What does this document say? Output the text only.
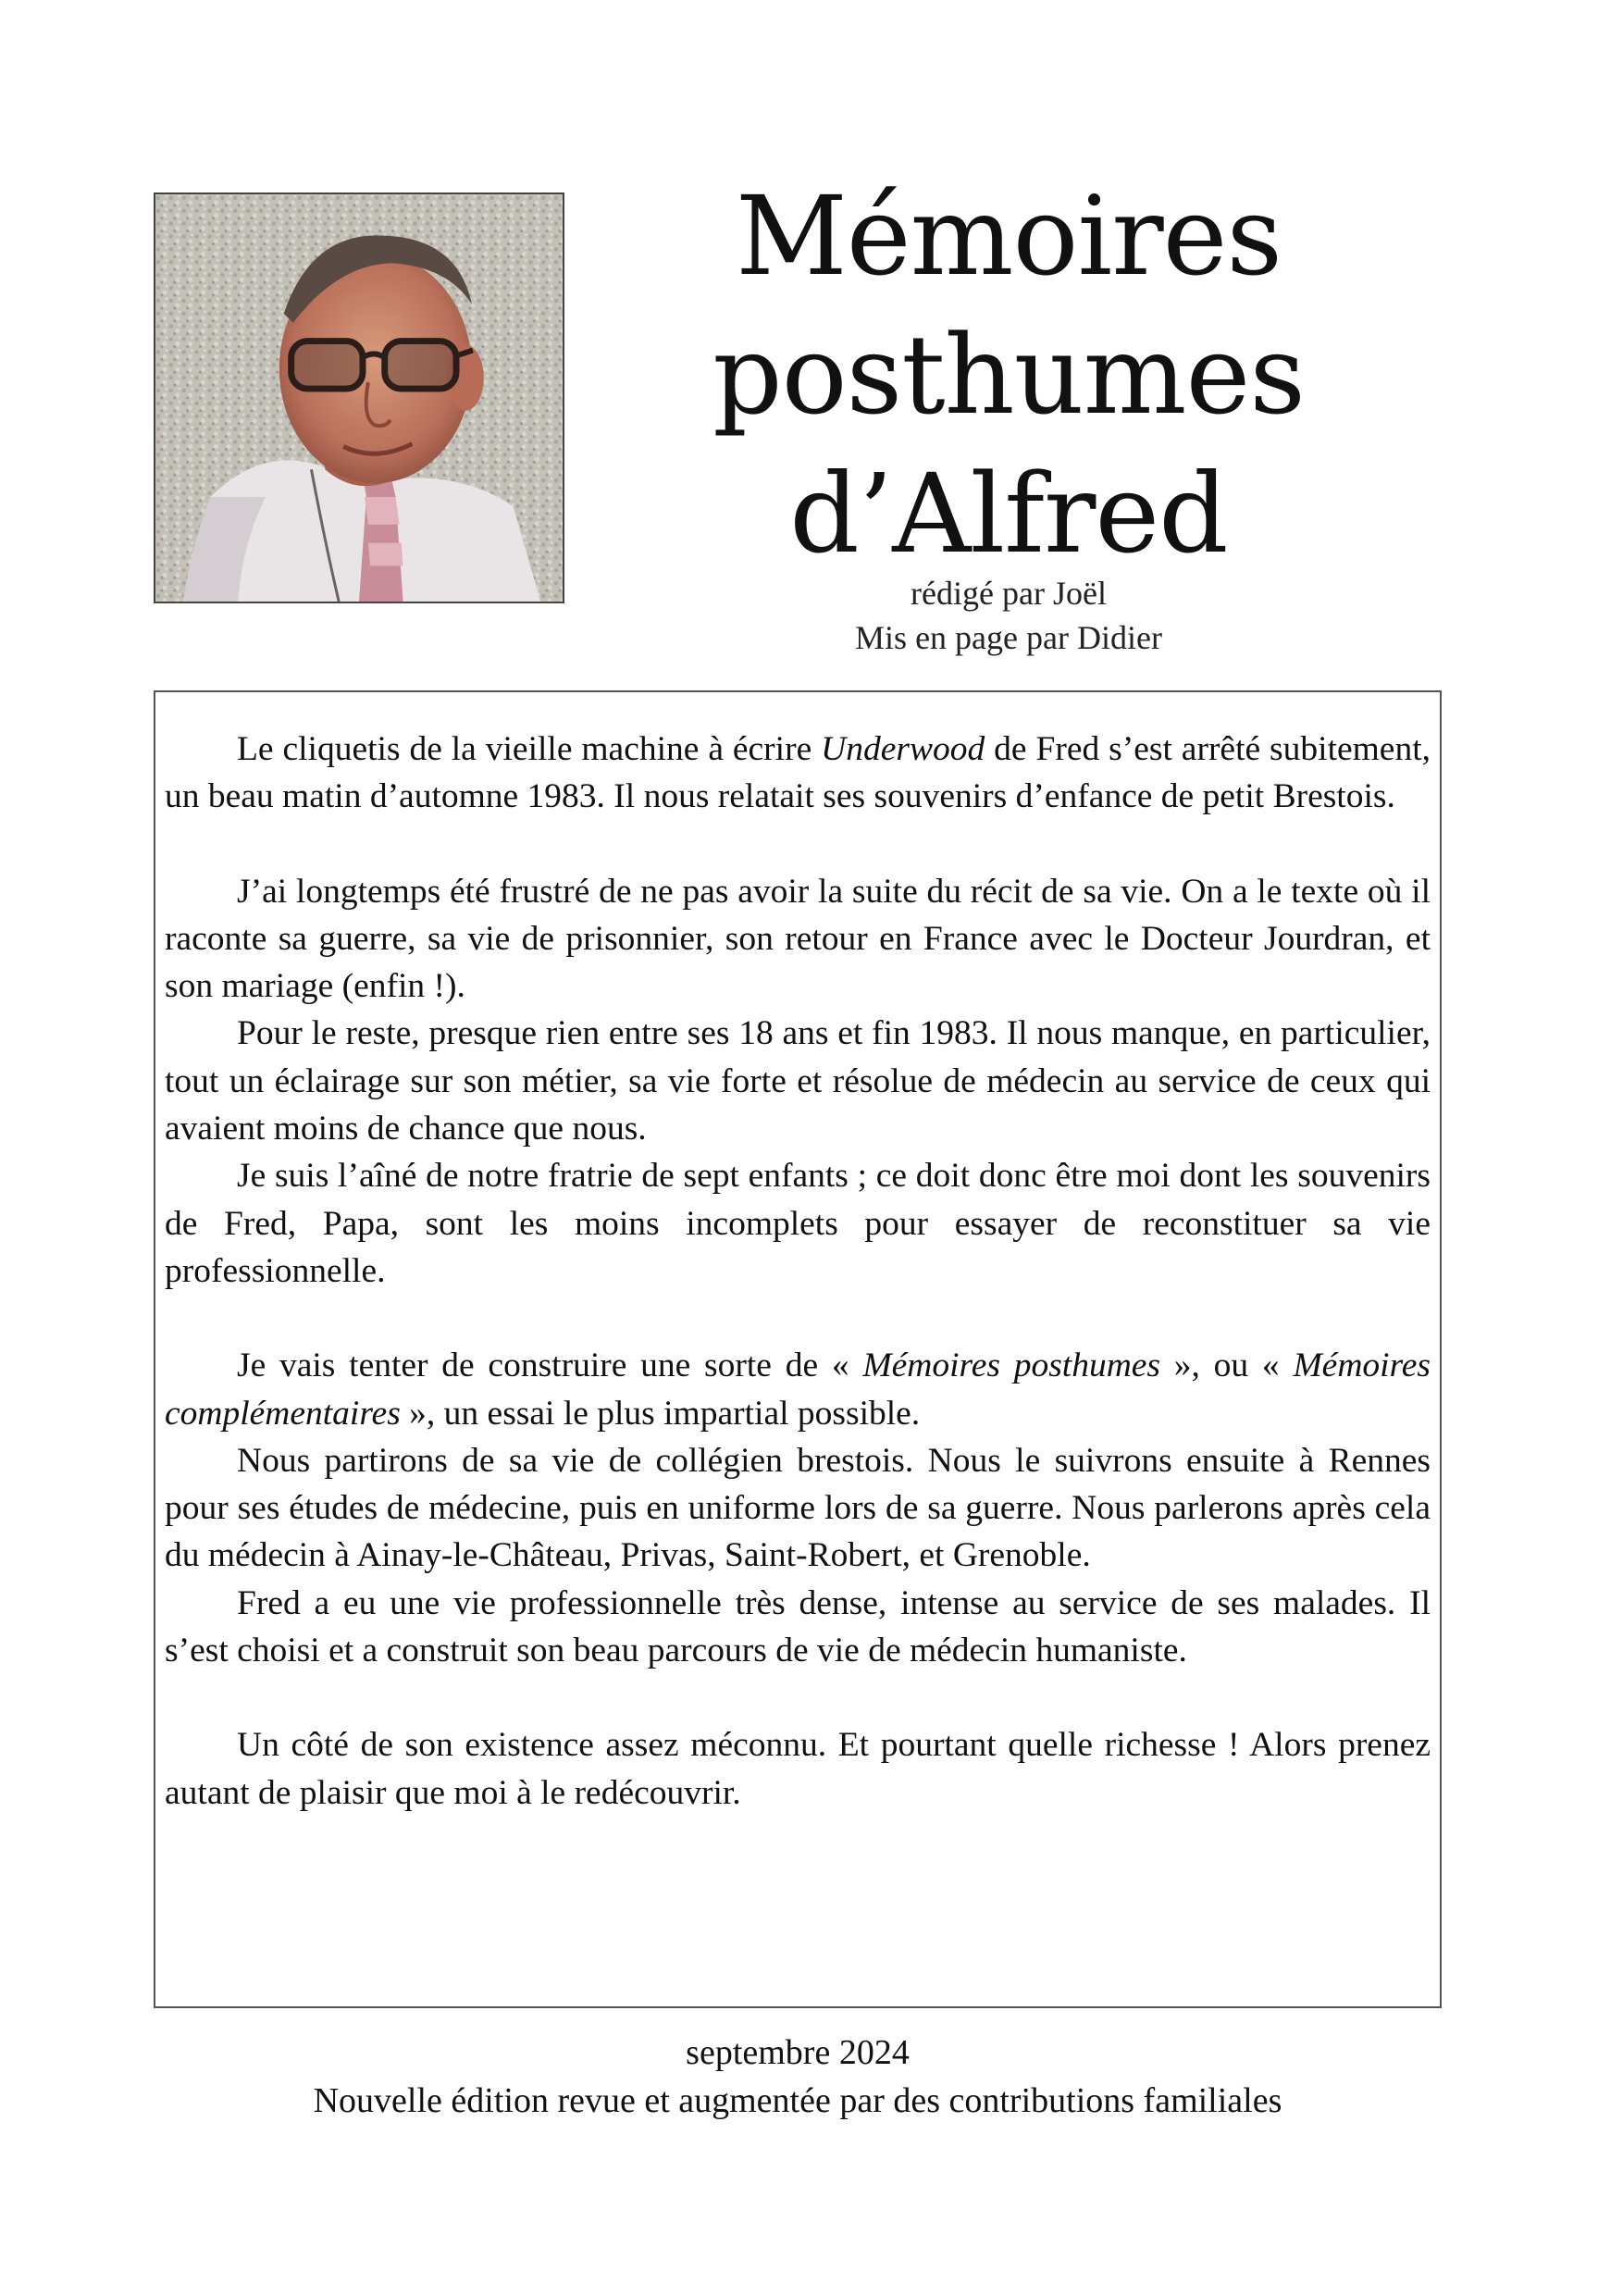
Mémoires
posthumes
d’Alfred
rédigé par Joël
Mis en page par Didier

Le cliquetis de la vieille machine à écrire Underwood de Fred s’est arrêté subitement, un beau matin d’automne 1983. Il nous relatait ses souvenirs d’enfance de petit Brestois.

J’ai longtemps été frustré de ne pas avoir la suite du récit de sa vie. On a le texte où il raconte sa guerre, sa vie de prisonnier, son retour en France avec le Docteur Jourdran, et son mariage (enfin !).

Pour le reste, presque rien entre ses 18 ans et fin 1983. Il nous manque, en particulier, tout un éclairage sur son métier, sa vie forte et résolue de médecin au service de ceux qui avaient moins de chance que nous.

Je suis l’aîné de notre fratrie de sept enfants ; ce doit donc être moi dont les souvenirs de Fred, Papa, sont les moins incomplets pour essayer de reconstituer sa vie professionnelle.

Je vais tenter de construire une sorte de « Mémoires posthumes », ou « Mémoires complémentaires », un essai le plus impartial possible.

Nous partirons de sa vie de collégien brestois. Nous le suivrons ensuite à Rennes pour ses études de médecine, puis en uniforme lors de sa guerre. Nous parlerons après cela du médecin à Ainay-le-Château, Privas, Saint-Robert, et Grenoble.

Fred a eu une vie professionnelle très dense, intense au service de ses malades. Il s’est choisi et a construit son beau parcours de vie de médecin humaniste.

Un côté de son existence assez méconnu. Et pourtant quelle richesse ! Alors prenez autant de plaisir que moi à le redécouvrir.

septembre 2024
Nouvelle édition revue et augmentée par des contributions familiales
